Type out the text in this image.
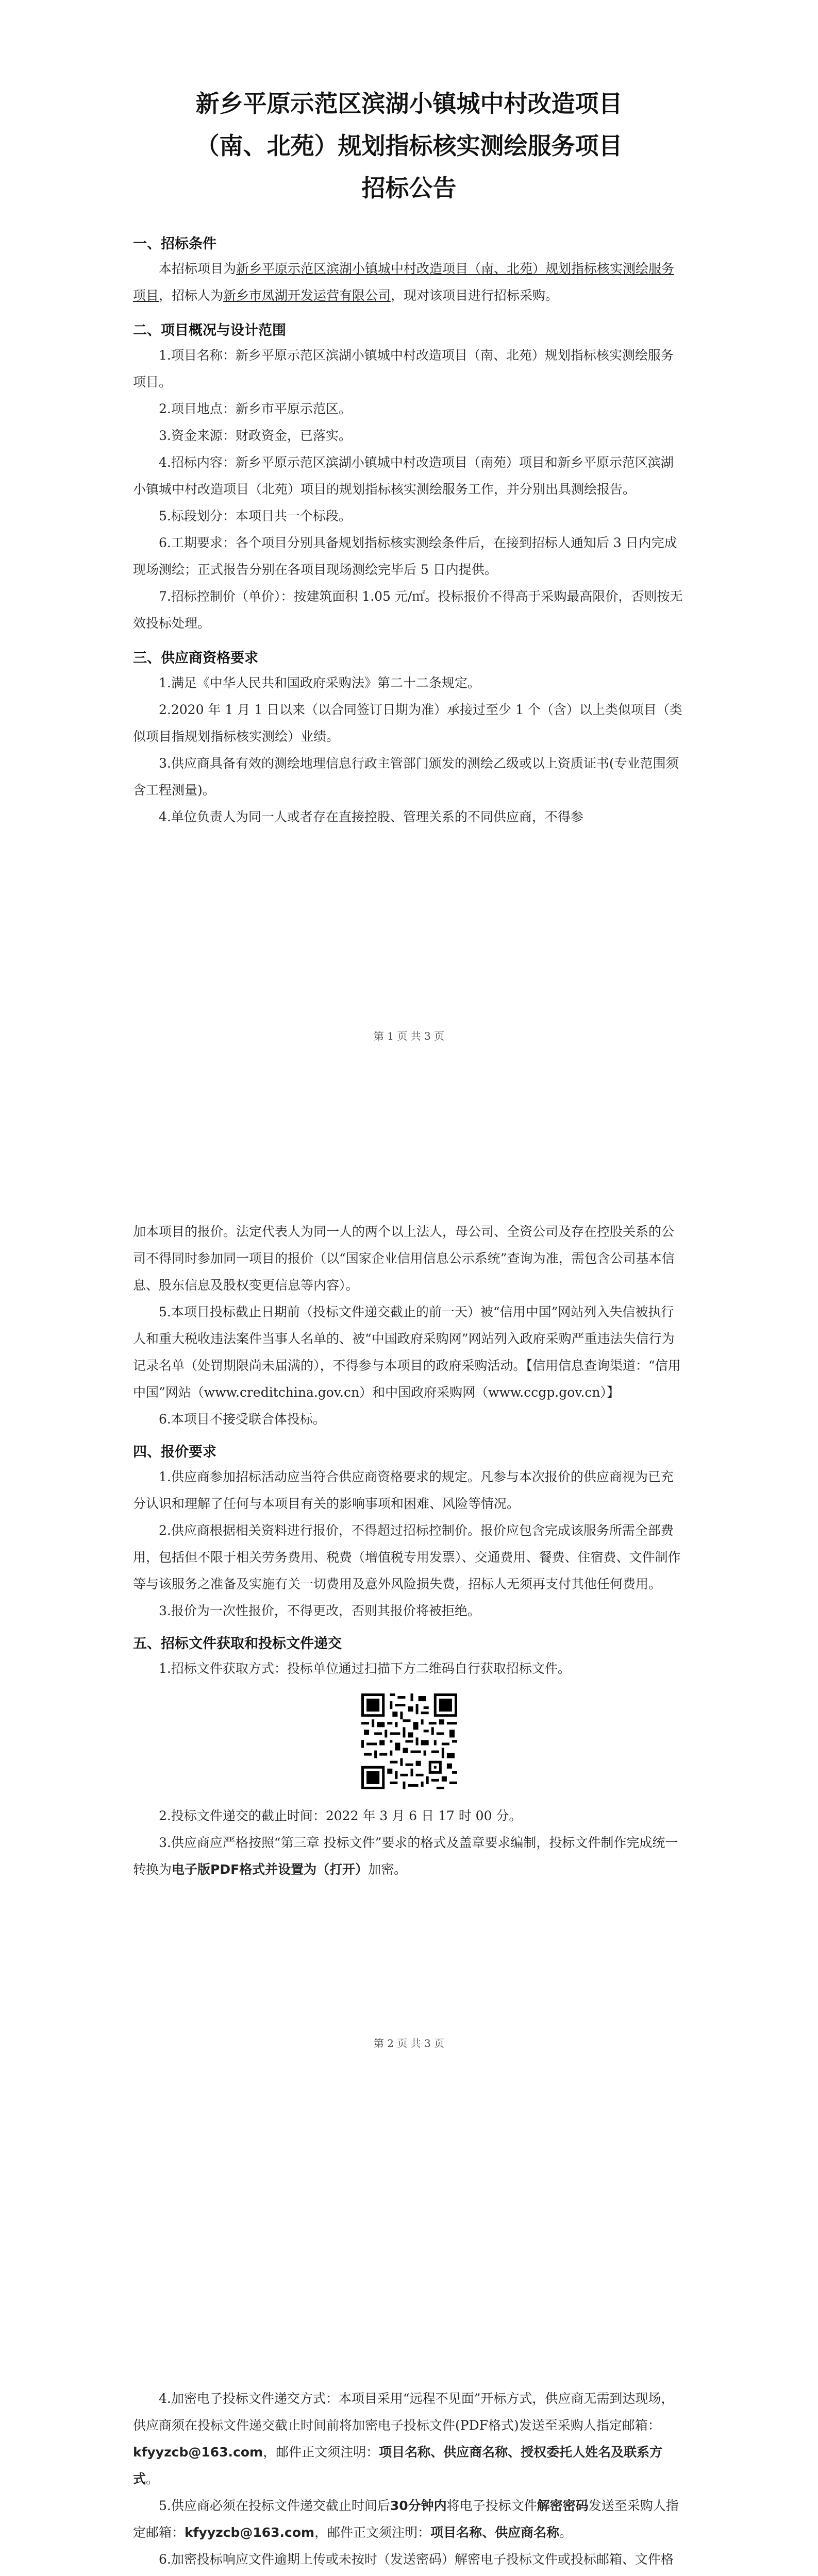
新乡平原示范区滨湖小镇城中村改造项目

（南、北苑）规划指标核实测绘服务项目

招标公告

一、招标条件

本招标项目为新乡平原示范区滨湖小镇城中村改造项目（南、北苑）规划指标核实测绘服务项目，招标人为新乡市凤湖开发运营有限公司，现对该项目进行招标采购。

二、项目概况与设计范围

1.项目名称：新乡平原示范区滨湖小镇城中村改造项目（南、北苑）规划指标核实测绘服务项目。

2.项目地点：新乡市平原示范区。

3.资金来源：财政资金，已落实。

4.招标内容：新乡平原示范区滨湖小镇城中村改造项目（南苑）项目和新乡平原示范区滨湖小镇城中村改造项目（北苑）项目的规划指标核实测绘服务工作，并分别出具测绘报告。

5.标段划分：本项目共一个标段。

6.工期要求：各个项目分别具备规划指标核实测绘条件后，在接到招标人通知后 3 日内完成现场测绘；正式报告分别在各项目现场测绘完毕后 5 日内提供。

7.招标控制价（单价）：按建筑面积 1.05 元/㎡。投标报价不得高于采购最高限价，否则按无效投标处理。

三、供应商资格要求

1.满足《中华人民共和国政府采购法》第二十二条规定。

2.2020 年 1 月 1 日以来（以合同签订日期为准）承接过至少 1 个（含）以上类似项目（类似项目指规划指标核实测绘）业绩。

3.供应商具备有效的测绘地理信息行政主管部门颁发的测绘乙级或以上资质证书(专业范围须含工程测量)。

4.单位负责人为同一人或者存在直接控股、管理关系的不同供应商，不得参

第 1 页 共 3 页

加本项目的报价。法定代表人为同一人的两个以上法人，母公司、全资公司及存在控股关系的公司不得同时参加同一项目的报价（以“国家企业信用信息公示系统”查询为准，需包含公司基本信息、股东信息及股权变更信息等内容）。

5.本项目投标截止日期前（投标文件递交截止的前一天）被“信用中国”网站列入失信被执行人和重大税收违法案件当事人名单的、被“中国政府采购网”网站列入政府采购严重违法失信行为记录名单（处罚期限尚未届满的），不得参与本项目的政府采购活动。【信用信息查询渠道：“信用中国”网站（www.creditchina.gov.cn）和中国政府采购网（www.ccgp.gov.cn）】

6.本项目不接受联合体投标。

四、报价要求

1.供应商参加招标活动应当符合供应商资格要求的规定。凡参与本次报价的供应商视为已充分认识和理解了任何与本项目有关的影响事项和困难、风险等情况。

2.供应商根据相关资料进行报价，不得超过招标控制价。报价应包含完成该服务所需全部费用，包括但不限于相关劳务费用、税费（增值税专用发票）、交通费用、餐费、住宿费、文件制作等与该服务之准备及实施有关一切费用及意外风险损失费，招标人无须再支付其他任何费用。

3.报价为一次性报价，不得更改，否则其报价将被拒绝。

五、招标文件获取和投标文件递交

1.招标文件获取方式：投标单位通过扫描下方二维码自行获取招标文件。

2.投标文件递交的截止时间：2022 年 3 月 6 日 17 时 00 分。

3.供应商应严格按照“第三章 投标文件”要求的格式及盖章要求编制，投标文件制作完成统一转换为电子版PDF格式并设置为（打开）加密。

第 2 页 共 3 页

4.加密电子投标文件递交方式：本项目采用“远程不见面”开标方式，供应商无需到达现场，供应商须在投标文件递交截止时间前将加密电子投标文件(PDF格式)发送至采购人指定邮箱：kfyyzcb@163.com，邮件正文须注明：项目名称、供应商名称、授权委托人姓名及联系方式。

5.供应商必须在投标文件递交截止时间后30分钟内将电子投标文件解密密码发送至采购人指定邮箱：kfyyzcb@163.com，邮件正文须注明：项目名称、供应商名称。

6.加密投标响应文件逾期上传或未按时（发送密码）解密电子投标文件或投标邮箱、文件格
